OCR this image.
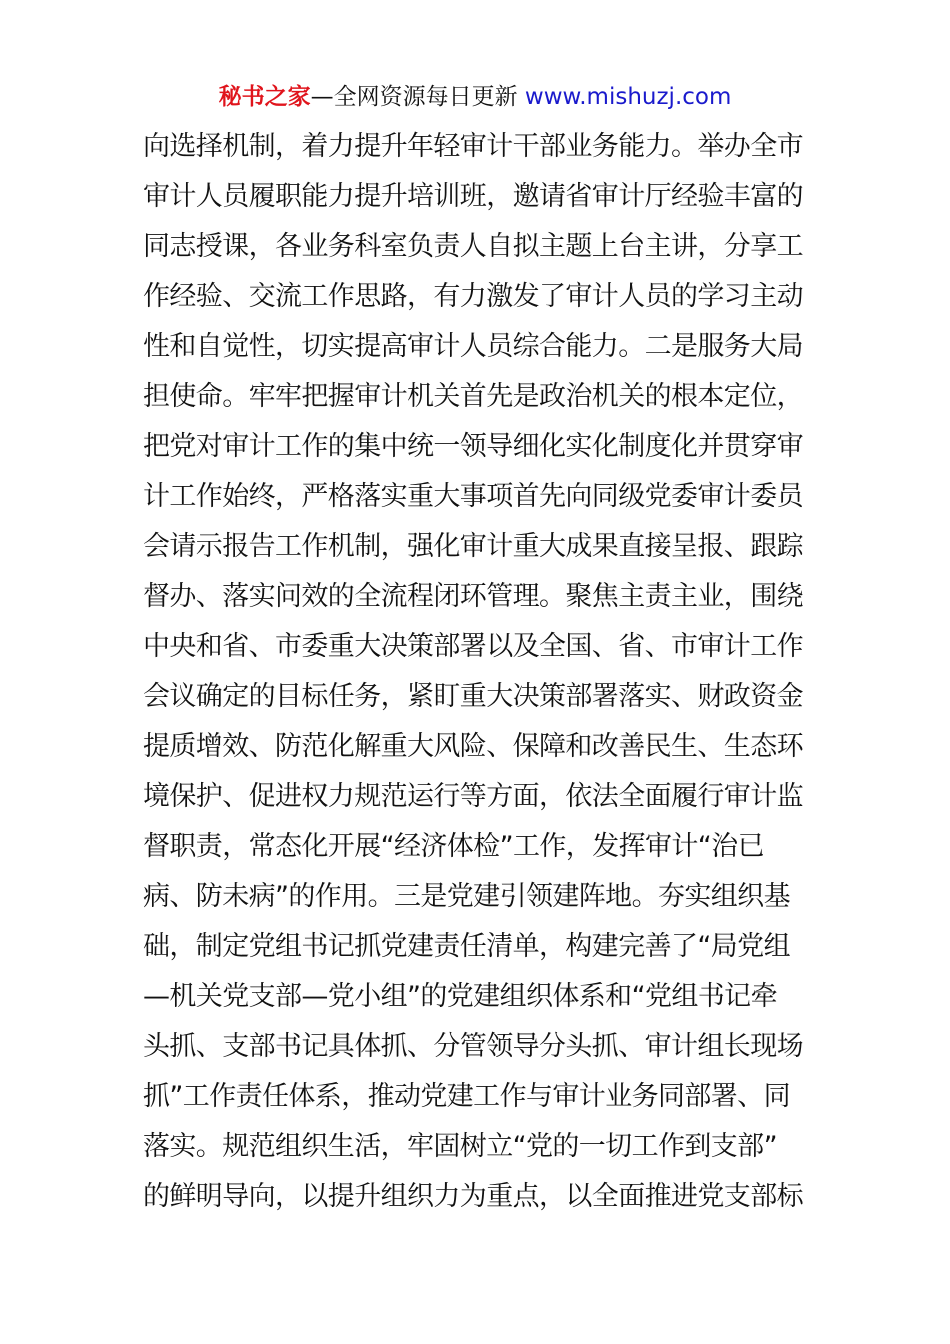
秘书之家—全网资源每日更新 www.mishuzj.com
向选择机制，着力提升年轻审计干部业务能力。举办全市
审计人员履职能力提升培训班，邀请省审计厅经验丰富的
同志授课，各业务科室负责人自拟主题上台主讲，分享工
作经验、交流工作思路，有力激发了审计人员的学习主动
性和自觉性，切实提高审计人员综合能力。二是服务大局
担使命。牢牢把握审计机关首先是政治机关的根本定位，
把党对审计工作的集中统一领导细化实化制度化并贯穿审
计工作始终，严格落实重大事项首先向同级党委审计委员
会请示报告工作机制，强化审计重大成果直接呈报、跟踪
督办、落实问效的全流程闭环管理。聚焦主责主业，围绕
中央和省、市委重大决策部署以及全国、省、市审计工作
会议确定的目标任务，紧盯重大决策部署落实、财政资金
提质增效、防范化解重大风险、保障和改善民生、生态环
境保护、促进权力规范运行等方面，依法全面履行审计监
督职责，常态化开展“经济体检”工作，发挥审计“治已
病、防未病”的作用。三是党建引领建阵地。夯实组织基
础，制定党组书记抓党建责任清单，构建完善了“局党组
—机关党支部—党小组”的党建组织体系和“党组书记牵
头抓、支部书记具体抓、分管领导分头抓、审计组长现场
抓”工作责任体系，推动党建工作与审计业务同部署、同
落实。规范组织生活，牢固树立“党的一切工作到支部”
的鲜明导向，以提升组织力为重点，以全面推进党支部标
